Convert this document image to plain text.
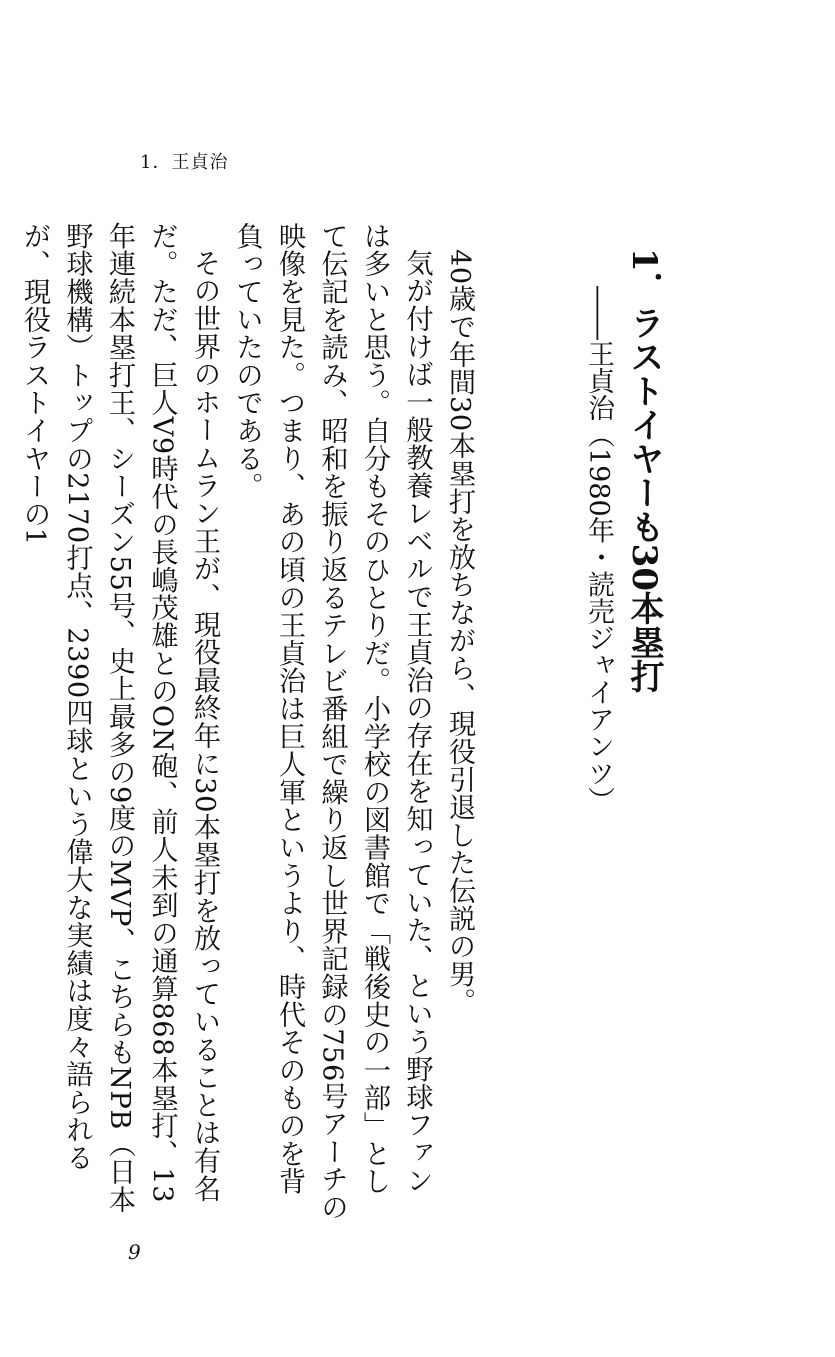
1．王貞治
1．ラストイヤーも30本塁打
――王貞治（1980年・読売ジャイアンツ）

40歳で年間30本塁打を放ちながら、現役引退した伝説の男。

気が付けば一般教養レベルで王貞治の存在を知っていた、という野球ファンは多いと思う。自分もそのひとりだ。小学校の図書館で「戦後史の一部」として伝記を読み、昭和を振り返るテレビ番組で繰り返し世界記録の756号アーチの映像を見た。つまり、あの頃の王貞治は巨人軍というより、時代そのものを背負っていたのである。

その世界のホームラン王が、現役最終年に30本塁打を放っていることは有名だ。ただ、巨人V9時代の長嶋茂雄とのON砲、前人未到の通算868本塁打、13年連続本塁打王、シーズン55号、史上最多の9度のMVP、こちらもNPB（日本野球機構）トップの2170打点、2390四球という偉大な実績は度々語られるが、現役ラストイヤーの1

9
